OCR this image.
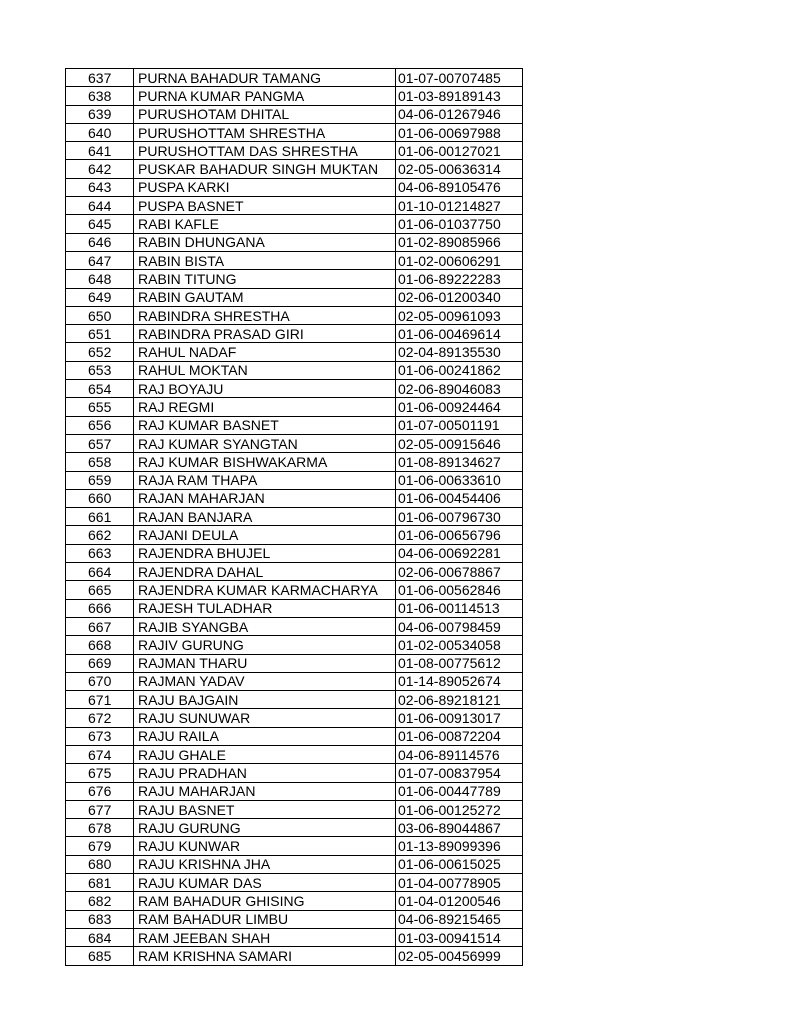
637	PURNA BAHADUR TAMANG	01-07-00707485
638	PURNA KUMAR PANGMA	01-03-89189143
639	PURUSHOTAM DHITAL	04-06-01267946
640	PURUSHOTTAM SHRESTHA	01-06-00697988
641	PURUSHOTTAM DAS SHRESTHA	01-06-00127021
642	PUSKAR BAHADUR SINGH MUKTAN	02-05-00636314
643	PUSPA KARKI	04-06-89105476
644	PUSPA BASNET	01-10-01214827
645	RABI KAFLE	01-06-01037750
646	RABIN DHUNGANA	01-02-89085966
647	RABIN BISTA	01-02-00606291
648	RABIN TITUNG	01-06-89222283
649	RABIN GAUTAM	02-06-01200340
650	RABINDRA SHRESTHA	02-05-00961093
651	RABINDRA PRASAD GIRI	01-06-00469614
652	RAHUL NADAF	02-04-89135530
653	RAHUL MOKTAN	01-06-00241862
654	RAJ BOYAJU	02-06-89046083
655	RAJ REGMI	01-06-00924464
656	RAJ KUMAR BASNET	01-07-00501191
657	RAJ KUMAR SYANGTAN	02-05-00915646
658	RAJ KUMAR BISHWAKARMA	01-08-89134627
659	RAJA RAM THAPA	01-06-00633610
660	RAJAN MAHARJAN	01-06-00454406
661	RAJAN BANJARA	01-06-00796730
662	RAJANI DEULA	01-06-00656796
663	RAJENDRA BHUJEL	04-06-00692281
664	RAJENDRA DAHAL	02-06-00678867
665	RAJENDRA KUMAR KARMACHARYA	01-06-00562846
666	RAJESH TULADHAR	01-06-00114513
667	RAJIB SYANGBA	04-06-00798459
668	RAJIV GURUNG	01-02-00534058
669	RAJMAN THARU	01-08-00775612
670	RAJMAN YADAV	01-14-89052674
671	RAJU BAJGAIN	02-06-89218121
672	RAJU SUNUWAR	01-06-00913017
673	RAJU RAILA	01-06-00872204
674	RAJU GHALE	04-06-89114576
675	RAJU PRADHAN	01-07-00837954
676	RAJU MAHARJAN	01-06-00447789
677	RAJU BASNET	01-06-00125272
678	RAJU GURUNG	03-06-89044867
679	RAJU KUNWAR	01-13-89099396
680	RAJU KRISHNA JHA	01-06-00615025
681	RAJU KUMAR DAS	01-04-00778905
682	RAM BAHADUR GHISING	01-04-01200546
683	RAM BAHADUR LIMBU	04-06-89215465
684	RAM JEEBAN SHAH	01-03-00941514
685	RAM KRISHNA SAMARI	02-05-00456999
